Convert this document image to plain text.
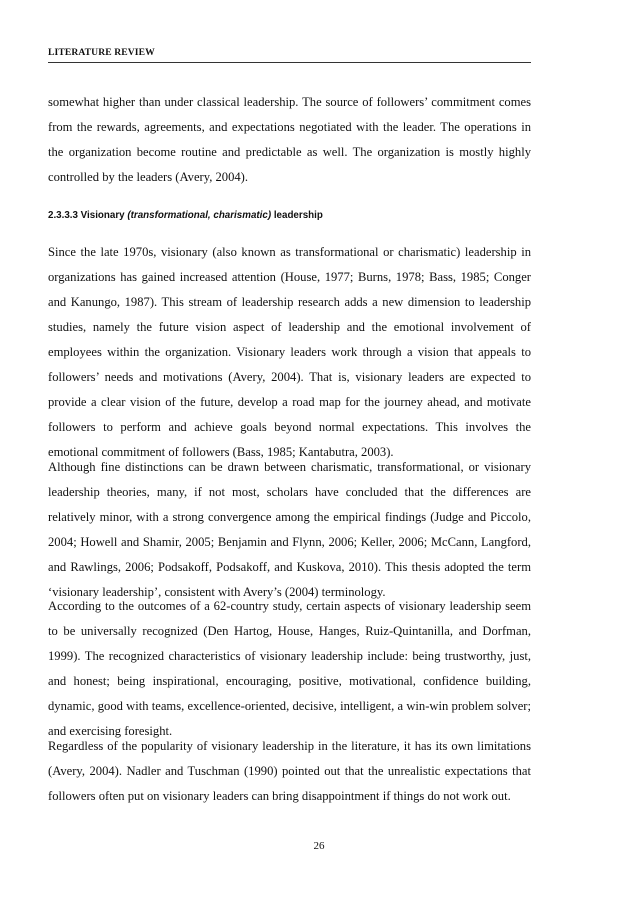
LITERATURE REVIEW

somewhat higher than under classical leadership. The source of followers’ commitment comes from the rewards, agreements, and expectations negotiated with the leader. The operations in the organization become routine and predictable as well. The organization is mostly highly controlled by the leaders (Avery, 2004).

2.3.3.3 Visionary (transformational, charismatic) leadership

Since the late 1970s, visionary (also known as transformational or charismatic) leadership in organizations has gained increased attention (House, 1977; Burns, 1978; Bass, 1985; Conger and Kanungo, 1987). This stream of leadership research adds a new dimension to leadership studies, namely the future vision aspect of leadership and the emotional involvement of employees within the organization. Visionary leaders work through a vision that appeals to followers’ needs and motivations (Avery, 2004). That is, visionary leaders are expected to provide a clear vision of the future, develop a road map for the journey ahead, and motivate followers to perform and achieve goals beyond normal expectations. This involves the emotional commitment of followers (Bass, 1985; Kantabutra, 2003).

Although fine distinctions can be drawn between charismatic, transformational, or visionary leadership theories, many, if not most, scholars have concluded that the differences are relatively minor, with a strong convergence among the empirical findings (Judge and Piccolo, 2004; Howell and Shamir, 2005; Benjamin and Flynn, 2006; Keller, 2006; McCann, Langford, and Rawlings, 2006; Podsakoff, Podsakoff, and Kuskova, 2010). This thesis adopted the term ‘visionary leadership’, consistent with Avery’s (2004) terminology.

According to the outcomes of a 62-country study, certain aspects of visionary leadership seem to be universally recognized (Den Hartog, House, Hanges, Ruiz-Quintanilla, and Dorfman, 1999). The recognized characteristics of visionary leadership include: being trustworthy, just, and honest; being inspirational, encouraging, positive, motivational, confidence building, dynamic, good with teams, excellence-oriented, decisive, intelligent, a win-win problem solver; and exercising foresight.

Regardless of the popularity of visionary leadership in the literature, it has its own limitations (Avery, 2004). Nadler and Tuschman (1990) pointed out that the unrealistic expectations that followers often put on visionary leaders can bring disappointment if things do not work out.

26
